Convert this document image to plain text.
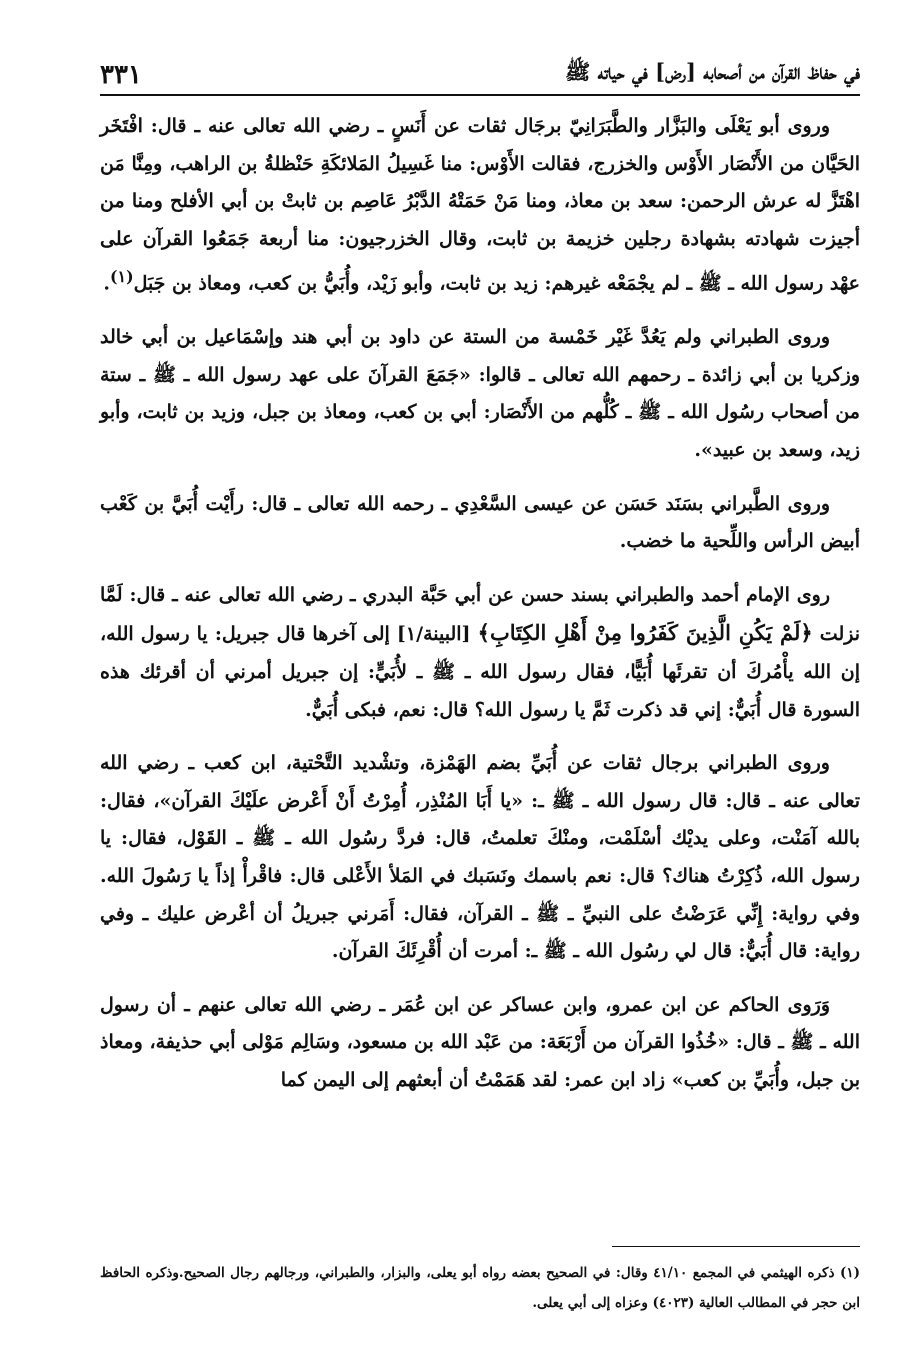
في حفاظ القرآن من أصحابه [رض] في حياته ﷺ
٣٣١

وروى أبو يَعْلَى والبَزَّار والطَّبَرَانِيّ برجَال ثقات عن أَنَسٍ ـ رضي الله تعالى عنه ـ قال: افْتَخَر الحَيَّان من الأَنْصَار الأَوْس والخزرج، فقالت الأَوْس: منا غَسِيلُ المَلائكَةِ حَنْظلةُ بن الراهب، ومِنَّا مَن اهْتَزَّ له عرش الرحمن: سعد بن معاذ، ومنا مَنْ حَمَتْهُ الدَّبْرُ عَاصِم بن ثابتْ بن أبي الأفلح ومنا من أجيزت شهادته بشهادة رجلين خزيمة بن ثابت، وقال الخزرجيون: منا أربعة جَمَعُوا القرآن على عهْد رسول الله ـ ﷺ ـ لم يجْمَعْه غيرهم: زيد بن ثابت، وأبو زَيْد، وأُبَيُّ بن كعب، ومعاذ بن جَبَل$^{(١)}$.

وروى الطبراني ولم يَعُدَّ غَيْر خَمْسة من الستة عن داود بن أبي هند وإسْمَاعيل بن أبي خالد وزكريا بن أبي زائدة ـ رحمهم الله تعالى ـ قالوا: «جَمَعَ القرآنَ على عهد رسول الله ـ ﷺ ـ ستة من أصحاب رسُول الله ـ ﷺ ـ كُلُّهم من الأَنْصَار: أبي بن كعب، ومعاذ بن جبل، وزيد بن ثابت، وأبو زيد، وسعد بن عبيد».

وروى الطَّبراني بسَنَد حَسَن عن عيسى السَّعْدِي ـ رحمه الله تعالى ـ قال: رأَيْت أُبَيَّ بن كَعْب أبيض الرأس واللِّحية ما خضب.

روى الإمام أحمد والطبراني بسند حسن عن أبي حَبَّة البدري ـ رضي الله تعالى عنه ـ قال: لَمَّا نزلت ﴿لَمْ يَكُنِ الَّذِينَ كَفَرُوا مِنْ أَهْلِ الكِتَابِ﴾ [البينة/١] إلى آخرها قال جبريل: يا رسول الله، إن الله يأْمُركَ أن تقرئَها أُبَيًّا، فقال رسول الله ـ ﷺ ـ لأُبَيٍّ: إن جبريل أمرني أن أقرئك هذه السورة قال أُبَيٌّ: إني قد ذكرت ثَمَّ يا رسول الله؟ قال: نعم، فبكى أُبَيٌّ.

وروى الطبراني برجال ثقات عن أُبَيِّ بضم الهَمْزة، وتشْديد التَّحْتية، ابن كعب ـ رضي الله تعالى عنه ـ قال: قال رسول الله ـ ﷺ ـ: «يا أَبَا المُنْذِر، أُمِرْتُ أَنْ أَعْرض علَيْكَ القرآن»، فقال: بالله آمَنْت، وعلى يديْك أسْلَمْت، ومنْكَ تعلمتُ، قال: فردَّ رسُول الله ـ ﷺ ـ القَوْل، فقال: يا رسول الله، ذُكِرْتُ هناك؟ قال: نعم باسمك ونَسَبك في المَلأ الأَعْلى قال: فاقْرأْ إذاً يا رَسُولَ الله. وفي رواية: إِنِّي عَرَضْتُ على النبيِّ ـ ﷺ ـ القرآن، فقال: أَمَرني جبريلُ أن أعْرض عليك ـ وفي رواية: قال أُبَيٌّ: قال لي رسُول الله ـ ﷺ ـ: أمرت أن أُقْرِئَكَ القرآن.

وَرَوى الحاكم عن ابن عمرو، وابن عساكر عن ابن عُمَر ـ رضي الله تعالى عنهم ـ أن رسول الله ـ ﷺ ـ قال: «خُذُوا القرآن من أَرْبَعَة: من عَبْد الله بن مسعود، وسَالِم مَوْلى أبي حذيفة، ومعاذ بن جبل، وأُبَيِّ بن كعب» زاد ابن عمر: لقد هَمَمْتُ أن أبعثهم إلى اليمن كما

(١) ذكره الهيثمي في المجمع ٤١/١٠ وقال: في الصحيح بعضه رواه أبو يعلى، والبزار، والطبراني، ورجالهم رجال الصحيح.وذكره الحافظ ابن حجر في المطالب العالية (٤٠٢٣) وعزاه إلى أبي يعلى.
